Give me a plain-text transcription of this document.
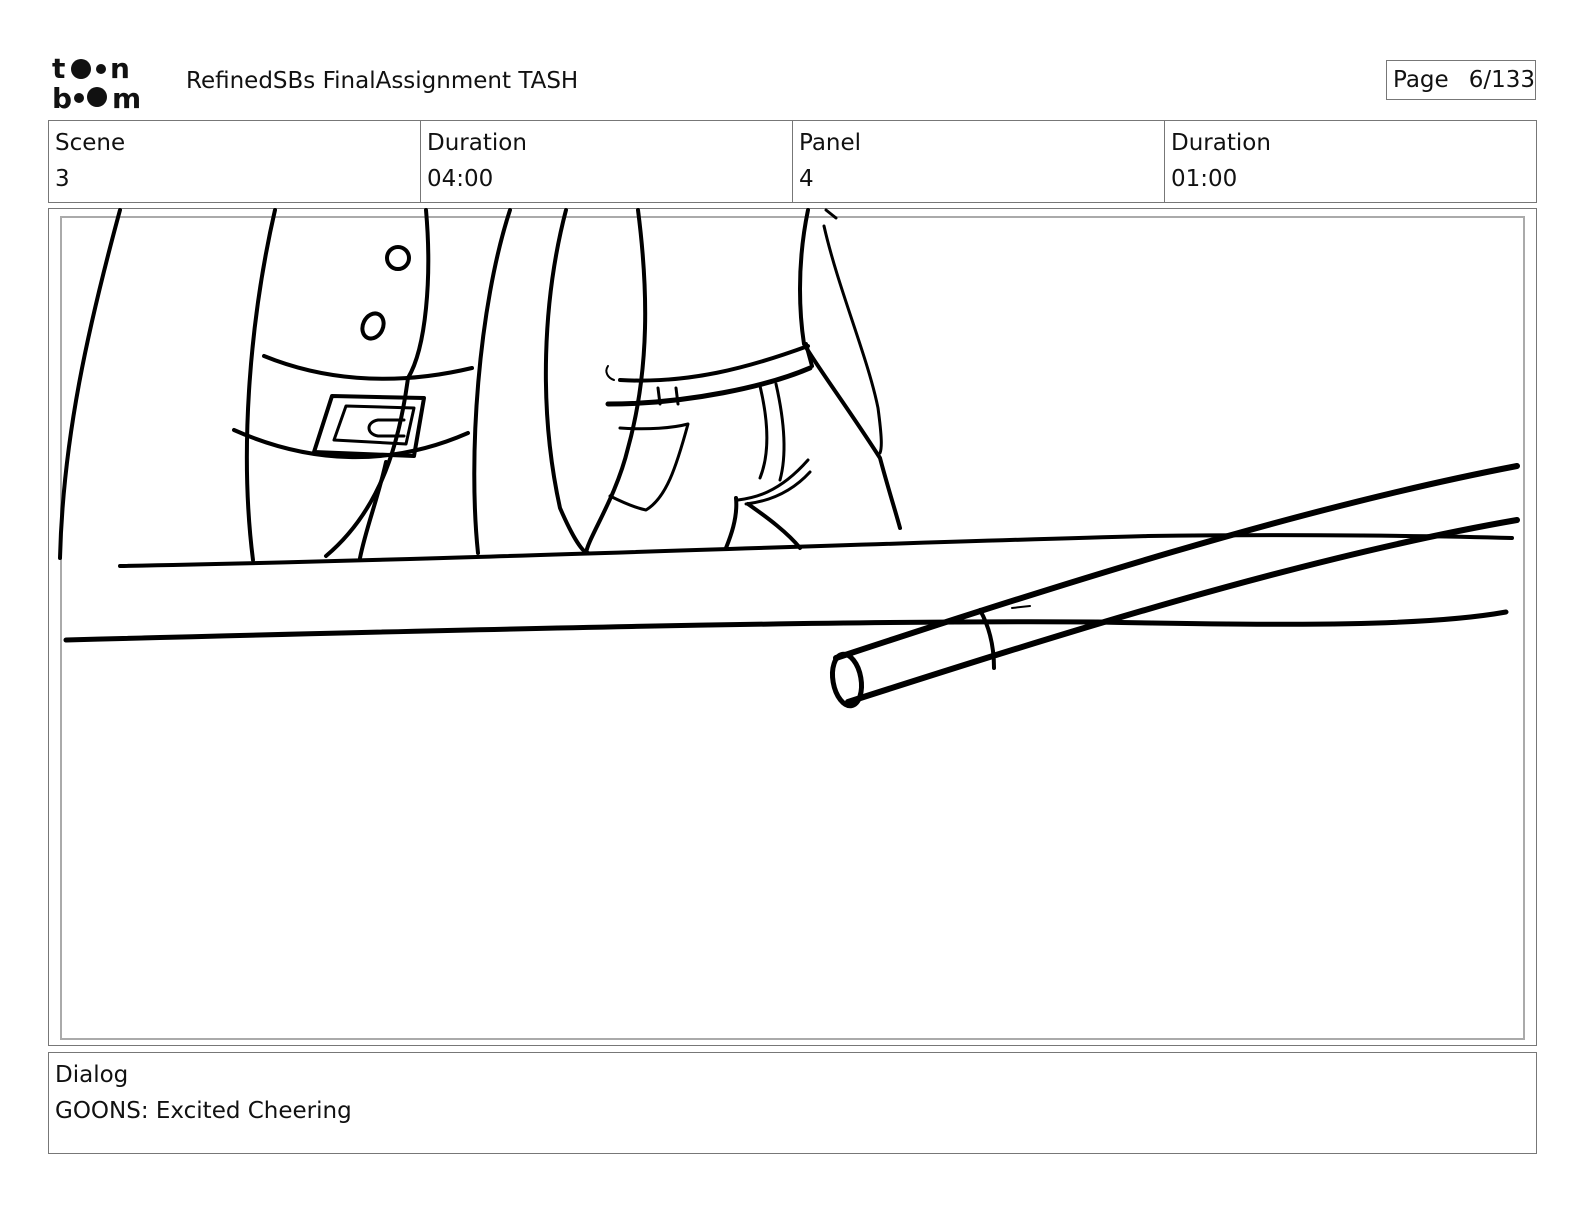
t n
b m
RefinedSBs FinalAssignment TASH	Page 6/133
Scene
3
Duration
04:00
Panel
4
Duration
01:00
Dialog
GOONS: Excited Cheering
